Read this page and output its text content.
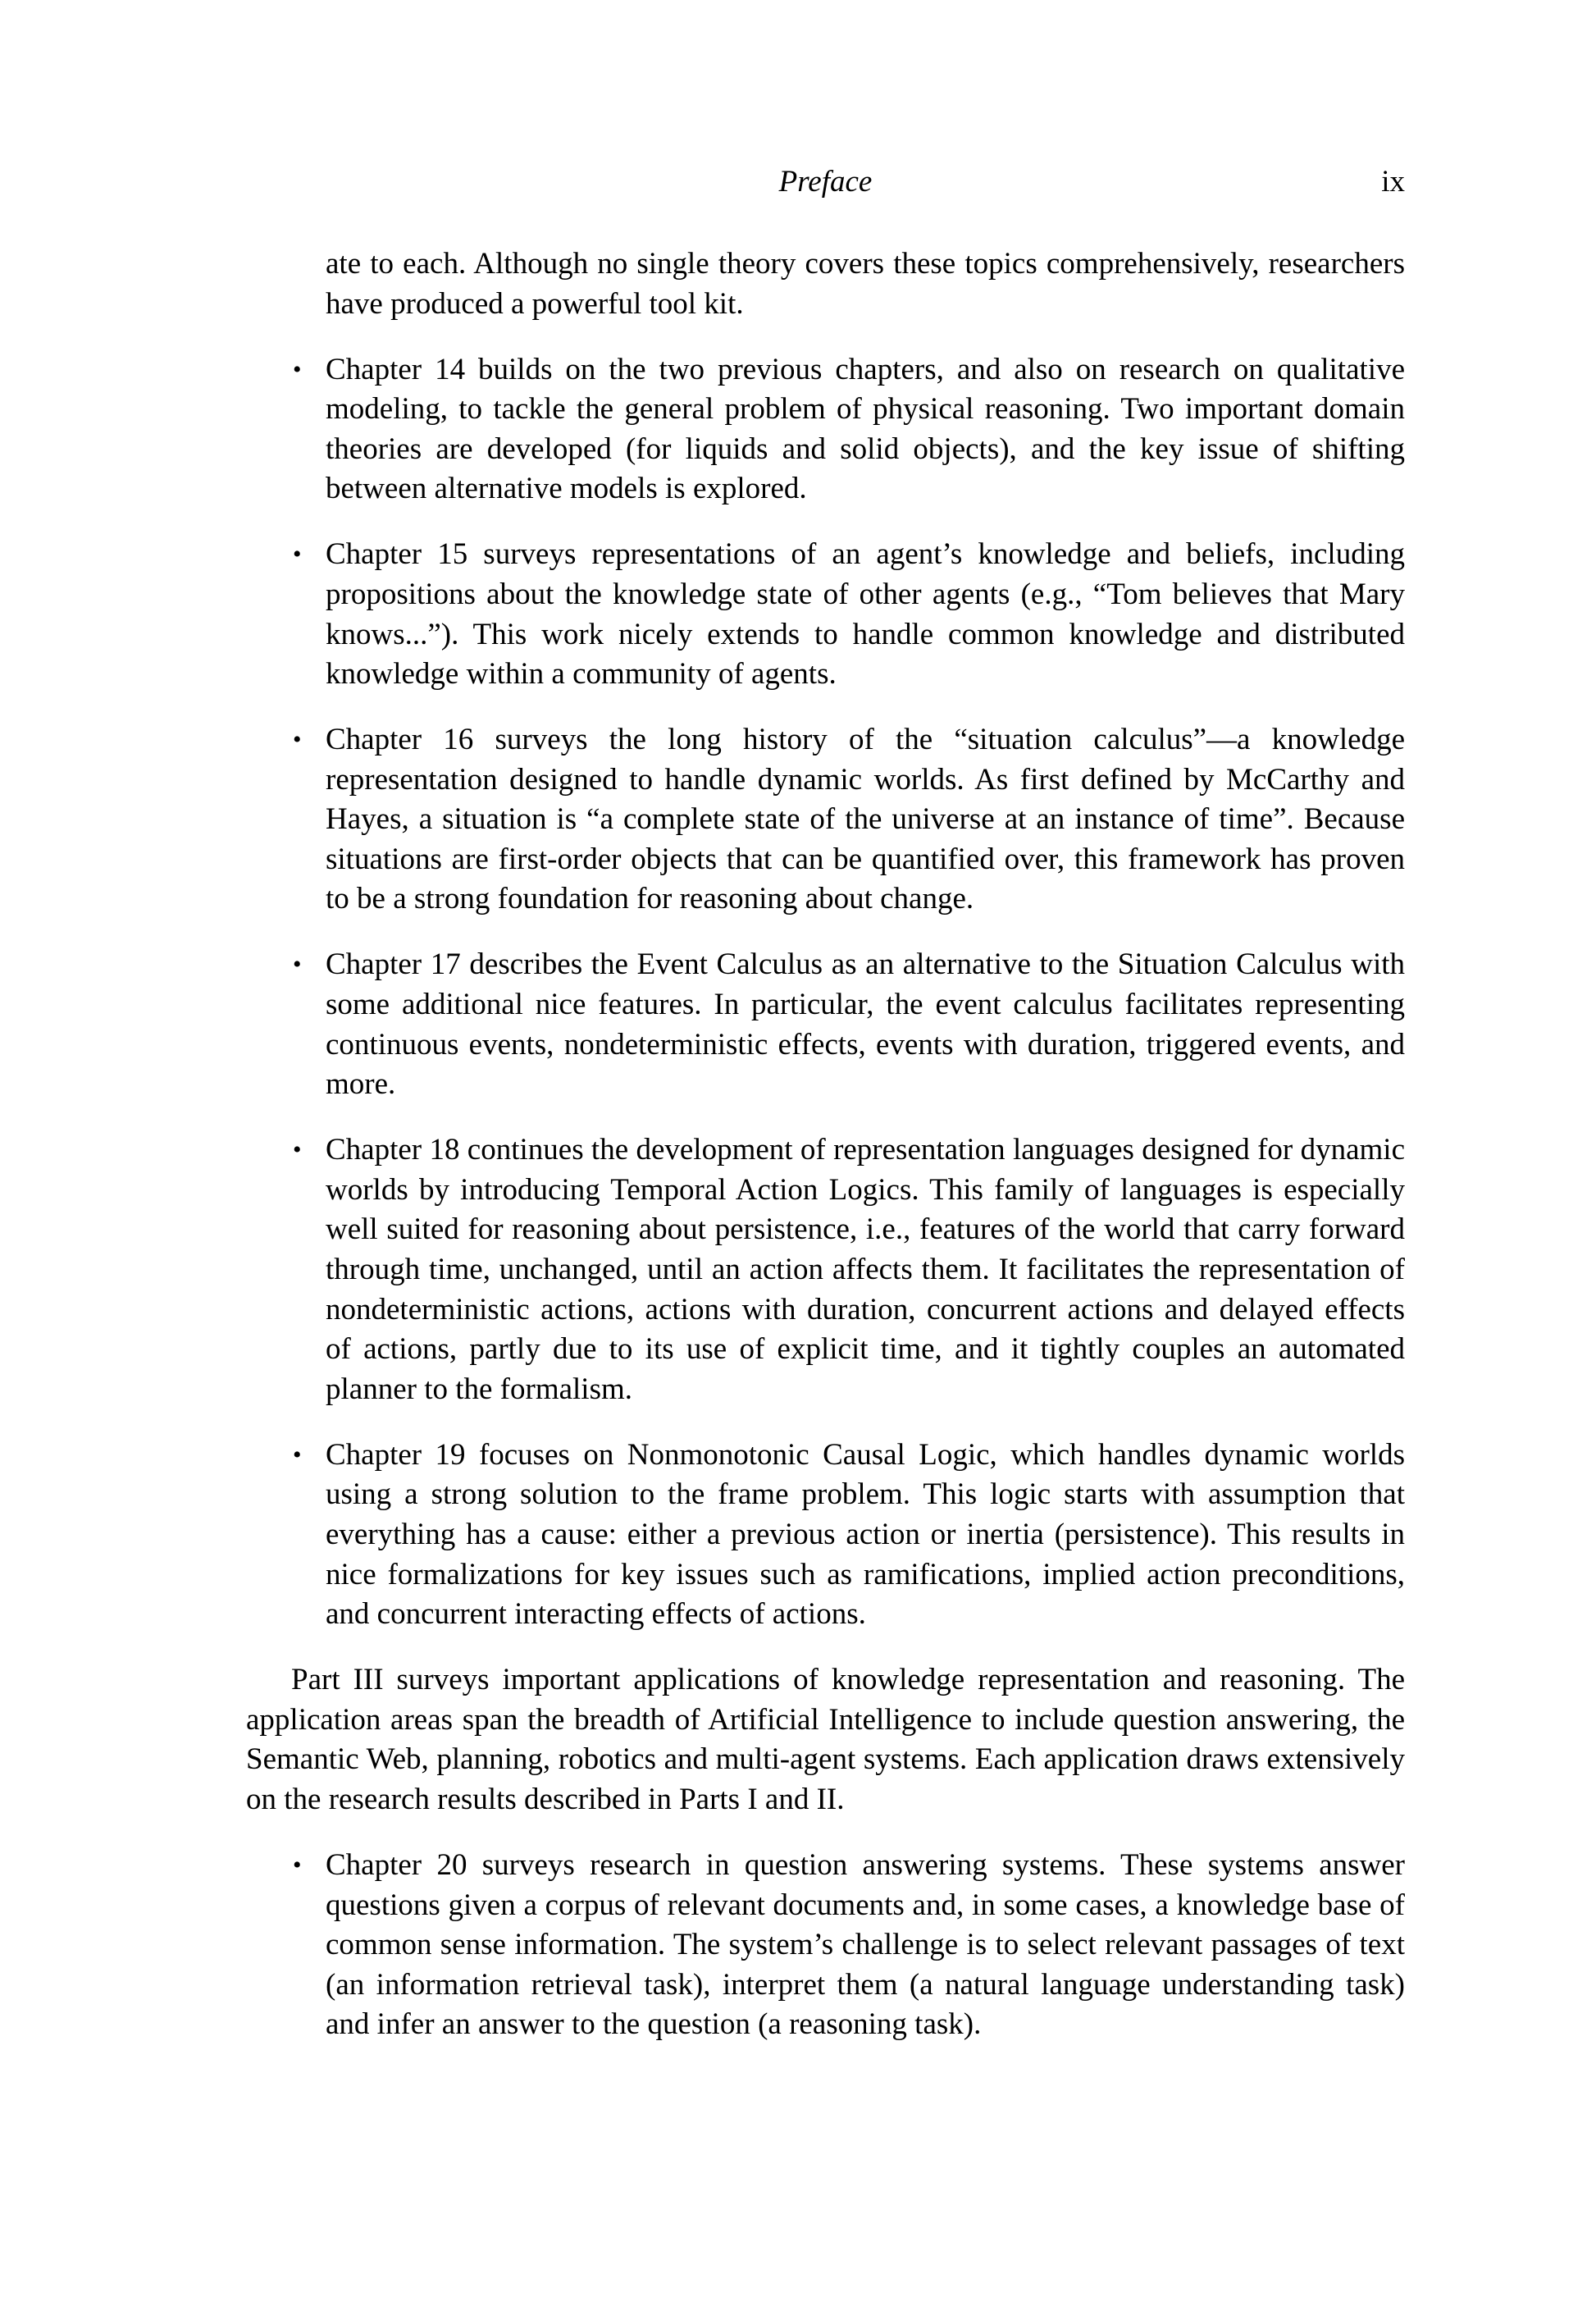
Preface	ix

ate to each. Although no single theory covers these topics comprehensively, researchers have produced a powerful tool kit.

• Chapter 14 builds on the two previous chapters, and also on research on qualitative modeling, to tackle the general problem of physical reasoning. Two important domain theories are developed (for liquids and solid objects), and the key issue of shifting between alternative models is explored.
• Chapter 15 surveys representations of an agent’s knowledge and beliefs, including propositions about the knowledge state of other agents (e.g., “Tom believes that Mary knows...”). This work nicely extends to handle common knowledge and distributed knowledge within a community of agents.
• Chapter 16 surveys the long history of the “situation calculus”—a knowledge representation designed to handle dynamic worlds. As first defined by McCarthy and Hayes, a situation is “a complete state of the universe at an instance of time”. Because situations are first-order objects that can be quantified over, this framework has proven to be a strong foundation for reasoning about change.
• Chapter 17 describes the Event Calculus as an alternative to the Situation Calculus with some additional nice features. In particular, the event calculus facilitates representing continuous events, nondeterministic effects, events with duration, triggered events, and more.
• Chapter 18 continues the development of representation languages designed for dynamic worlds by introducing Temporal Action Logics. This family of languages is especially well suited for reasoning about persistence, i.e., features of the world that carry forward through time, unchanged, until an action affects them. It facilitates the representation of nondeterministic actions, actions with duration, concurrent actions and delayed effects of actions, partly due to its use of explicit time, and it tightly couples an automated planner to the formalism.
• Chapter 19 focuses on Nonmonotonic Causal Logic, which handles dynamic worlds using a strong solution to the frame problem. This logic starts with assumption that everything has a cause: either a previous action or inertia (persistence). This results in nice formalizations for key issues such as ramifications, implied action preconditions, and concurrent interacting effects of actions.

Part III surveys important applications of knowledge representation and reasoning. The application areas span the breadth of Artificial Intelligence to include question answering, the Semantic Web, planning, robotics and multi-agent systems. Each application draws extensively on the research results described in Parts I and II.

• Chapter 20 surveys research in question answering systems. These systems answer questions given a corpus of relevant documents and, in some cases, a knowledge base of common sense information. The system’s challenge is to select relevant passages of text (an information retrieval task), interpret them (a natural language understanding task) and infer an answer to the question (a reasoning task).
